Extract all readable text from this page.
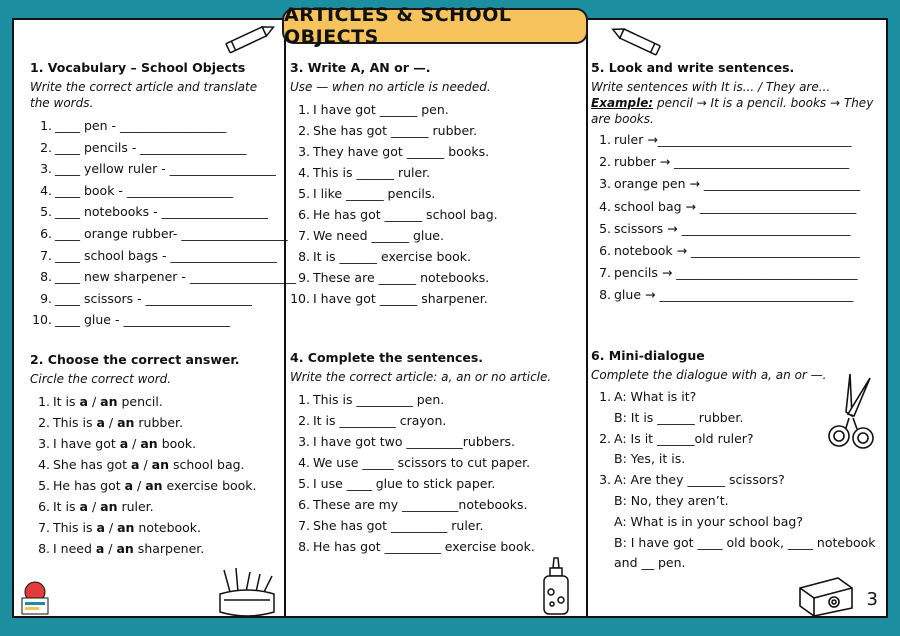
1. Vocabulary – School Objects
Write the correct article and translate the words.
1. ____ pen - _________________
2. ____ pencils - _________________
3. ____ yellow ruler - _________________
4. ____ book - _________________
5. ____ notebooks - _________________
6. ____ orange rubber- _________________
7. ____ school bags - _________________
8. ____ new sharpener - _________________
9. ____ scissors - _________________
10. ____ glue - _________________
2. Choose the correct answer.
Circle the correct word.
1. It is a / an pencil.
2. This is a / an rubber.
3. I have got a / an book.
4. She has got a / an school bag.
5. He has got a / an exercise book.
6. It is a / an ruler.
7. This is a / an notebook.
8. I need a / an sharpener.
3. Write A, AN or —.
Use — when no article is needed.
1. I have got ______ pen.
2. She has got ______ rubber.
3. They have got ______ books.
4. This is ______ ruler.
5. I like ______ pencils.
6. He has got ______ school bag.
7. We need ______ glue.
8. It is ______ exercise book.
9. These are ______ notebooks.
10. I have got ______ sharpener.
4. Complete the sentences.
Write the correct article: a, an or no article.
1. This is _________ pen.
2. It is _________ crayon.
3. I have got two _________rubbers.
4. We use _____ scissors to cut paper.
5. I use ____ glue to stick paper.
6. These are my _________notebooks.
7. She has got _________ ruler.
8. He has got _________ exercise book.
5. Look and write sentences.
Write sentences with It is... / They are...
Example: pencil → It is a pencil. books → They are books.
1. ruler →_______________________________
2. rubber → ____________________________
3. orange pen → _________________________
4. school bag → _________________________
5. scissors → ___________________________
6. notebook → ___________________________
7. pencils → _____________________________
8. glue → _______________________________
6. Mini-dialogue
Complete the dialogue with a, an or —.
1. A: What is it?
B: It is ______ rubber.
2. A: Is it ______old ruler?
B: Yes, it is.
3. A: Are they ______ scissors?
B: No, they aren’t.
A: What is in your school bag?
B: I have got ____ old book, ____ notebook
and __ pen.
3
ARTICLES & SCHOOL OBJECTS
